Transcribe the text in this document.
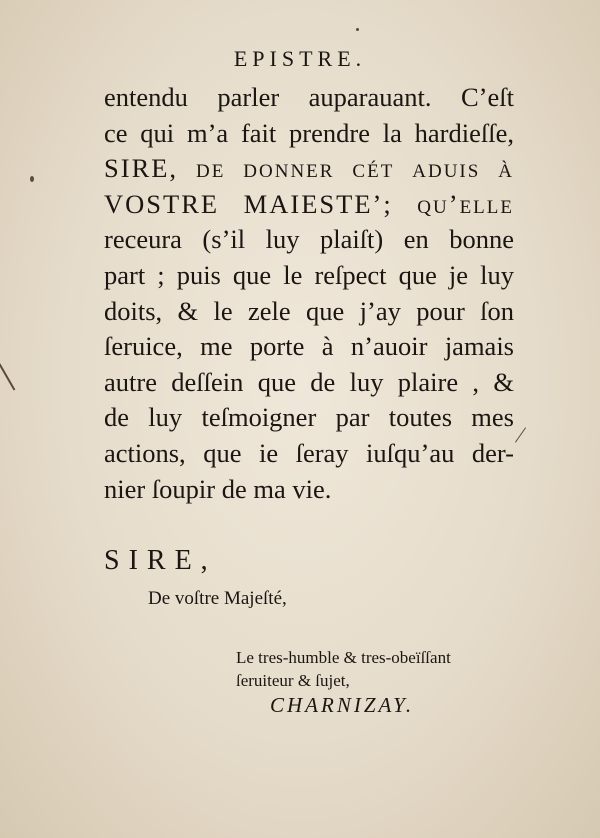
EPISTRE.
entendu parler auparauant. C’eſt
ce qui m’a fait prendre la hardieſſe,
SIRE, de donner cét aduis à
VOSTRE MAIESTE’; qu’elle
receura (s’il luy plaiſt) en bonne
part ; puis que le reſpect que je luy
doits, & le zele que j’ay pour ſon
ſeruice, me porte à n’auoir jamais
autre deſſein que de luy plaire , &
de luy teſmoigner par toutes mes
actions, que ie ſeray iuſqu’au der-
nier ſoupir de ma vie.
SIRE,
De voſtre Majeſté,
Le tres-humble & tres-obeïſſant
ſeruiteur & ſujet,
CHARNIZAY.
